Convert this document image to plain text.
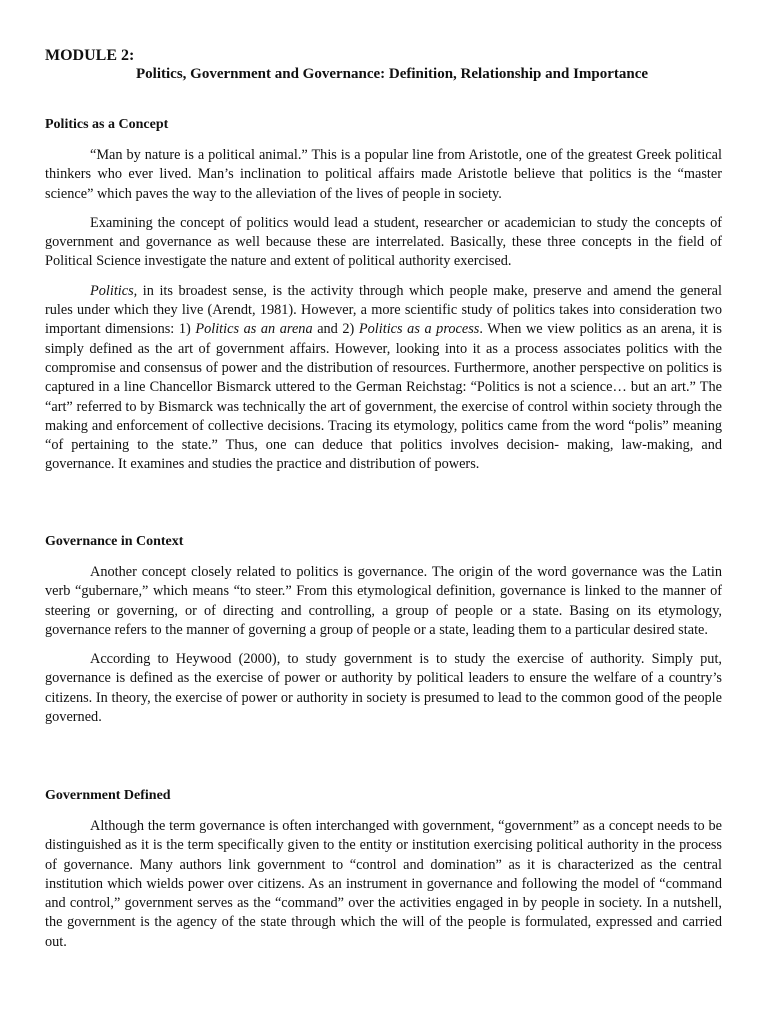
MODULE 2:
Politics, Government and Governance: Definition, Relationship and Importance
Politics as a Concept

“Man by nature is a political animal.” This is a popular line from Aristotle, one of the greatest Greek political thinkers who ever lived. Man’s inclination to political affairs made Aristotle believe that politics is the “master science” which paves the way to the alleviation of the lives of people in society.

Examining the concept of politics would lead a student, researcher or academician to study the concepts of government and governance as well because these are interrelated. Basically, these three concepts in the field of Political Science investigate the nature and extent of political authority exercised.

Politics, in its broadest sense, is the activity through which people make, preserve and amend the general rules under which they live (Arendt, 1981). However, a more scientific study of politics takes into consideration two important dimensions: 1) Politics as an arena and 2) Politics as a process. When we view politics as an arena, it is simply defined as the art of government affairs. However, looking into it as a process associates politics with the compromise and consensus of power and the distribution of resources. Furthermore, another perspective on politics is captured in a line Chancellor Bismarck uttered to the German Reichstag: “Politics is not a science… but an art.” The “art” referred to by Bismarck was technically the art of government, the exercise of control within society through the making and enforcement of collective decisions. Tracing its etymology, politics came from the word “polis” meaning “of pertaining to the state.” Thus, one can deduce that politics involves decision- making, law-making, and governance. It examines and studies the practice and distribution of powers.

Governance in Context

Another concept closely related to politics is governance. The origin of the word governance was the Latin verb “gubernare,” which means “to steer.” From this etymological definition, governance is linked to the manner of steering or governing, or of directing and controlling, a group of people or a state. Basing on its etymology, governance refers to the manner of governing a group of people or a state, leading them to a particular desired state.

According to Heywood (2000), to study government is to study the exercise of authority. Simply put, governance is defined as the exercise of power or authority by political leaders to ensure the welfare of a country’s citizens. In theory, the exercise of power or authority in society is presumed to lead to the common good of the people governed.

Government Defined

Although the term governance is often interchanged with government, “government” as a concept needs to be distinguished as it is the term specifically given to the entity or institution exercising political authority in the process of governance. Many authors link government to “control and domination” as it is characterized as the central institution which wields power over citizens. As an instrument in governance and following the model of “command and control,” government serves as the “command” over the activities engaged in by people in society. In a nutshell, the government is the agency of the state through which the will of the people is formulated, expressed and carried out.
